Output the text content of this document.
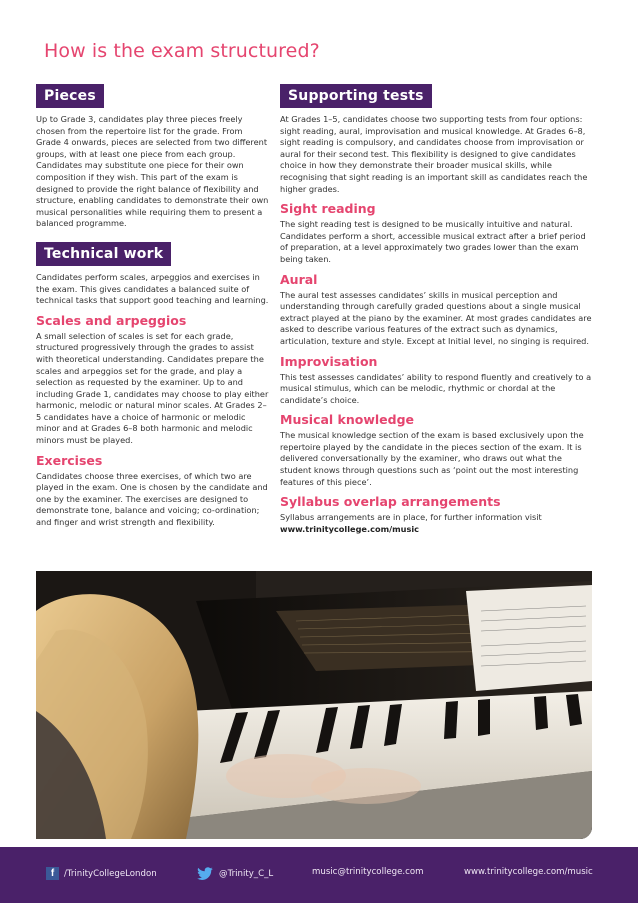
How is the exam structured?
Pieces

Up to Grade 3, candidates play three pieces freely chosen from the repertoire list for the grade. From Grade 4 onwards, pieces are selected from two different groups, with at least one piece from each group. Candidates may substitute one piece for their own composition if they wish. This part of the exam is designed to provide the right balance of flexibility and structure, enabling candidates to demonstrate their own musical personalities while requiring them to present a balanced programme.

Technical work

Candidates perform scales, arpeggios and exercises in the exam. This gives candidates a balanced suite of technical tasks that support good teaching and learning.

Scales and arpeggios

A small selection of scales is set for each grade, structured progressively through the grades to assist with theoretical understanding. Candidates prepare the scales and arpeggios set for the grade, and play a selection as requested by the examiner. Up to and including Grade 1, candidates may choose to play either harmonic, melodic or natural minor scales. At Grades 2–5 candidates have a choice of harmonic or melodic minor and at Grades 6–8 both harmonic and melodic minors must be played.

Exercises

Candidates choose three exercises, of which two are played in the exam. One is chosen by the candidate and one by the examiner. The exercises are designed to demonstrate tone, balance and voicing; co-ordination; and finger and wrist strength and flexibility.

Supporting tests

At Grades 1–5, candidates choose two supporting tests from four options: sight reading, aural, improvisation and musical knowledge. At Grades 6–8, sight reading is compulsory, and candidates choose from improvisation or aural for their second test. This flexibility is designed to give candidates choice in how they demonstrate their broader musical skills, while recognising that sight reading is an important skill as candidates reach the higher grades.

Sight reading

The sight reading test is designed to be musically intuitive and natural. Candidates perform a short, accessible musical extract after a brief period of preparation, at a level approximately two grades lower than the exam being taken.

Aural

The aural test assesses candidates’ skills in musical perception and understanding through carefully graded questions about a single musical extract played at the piano by the examiner. At most grades candidates are asked to describe various features of the extract such as dynamics, articulation, texture and style. Except at Initial level, no singing is required.

Improvisation

This test assesses candidates’ ability to respond fluently and creatively to a musical stimulus, which can be melodic, rhythmic or chordal at the candidate’s choice.

Musical knowledge

The musical knowledge section of the exam is based exclusively upon the repertoire played by the candidate in the pieces section of the exam. It is delivered conversationally by the examiner, who draws out what the student knows through questions such as ‘point out the most interesting features of this piece’.

Syllabus overlap arrangements

Syllabus arrangements are in place, for further information visit

www.trinitycollege.com/music

f	/TrinityCollegeLondon	@Trinity_C_L	music@trinitycollege.com	www.trinitycollege.com/music
